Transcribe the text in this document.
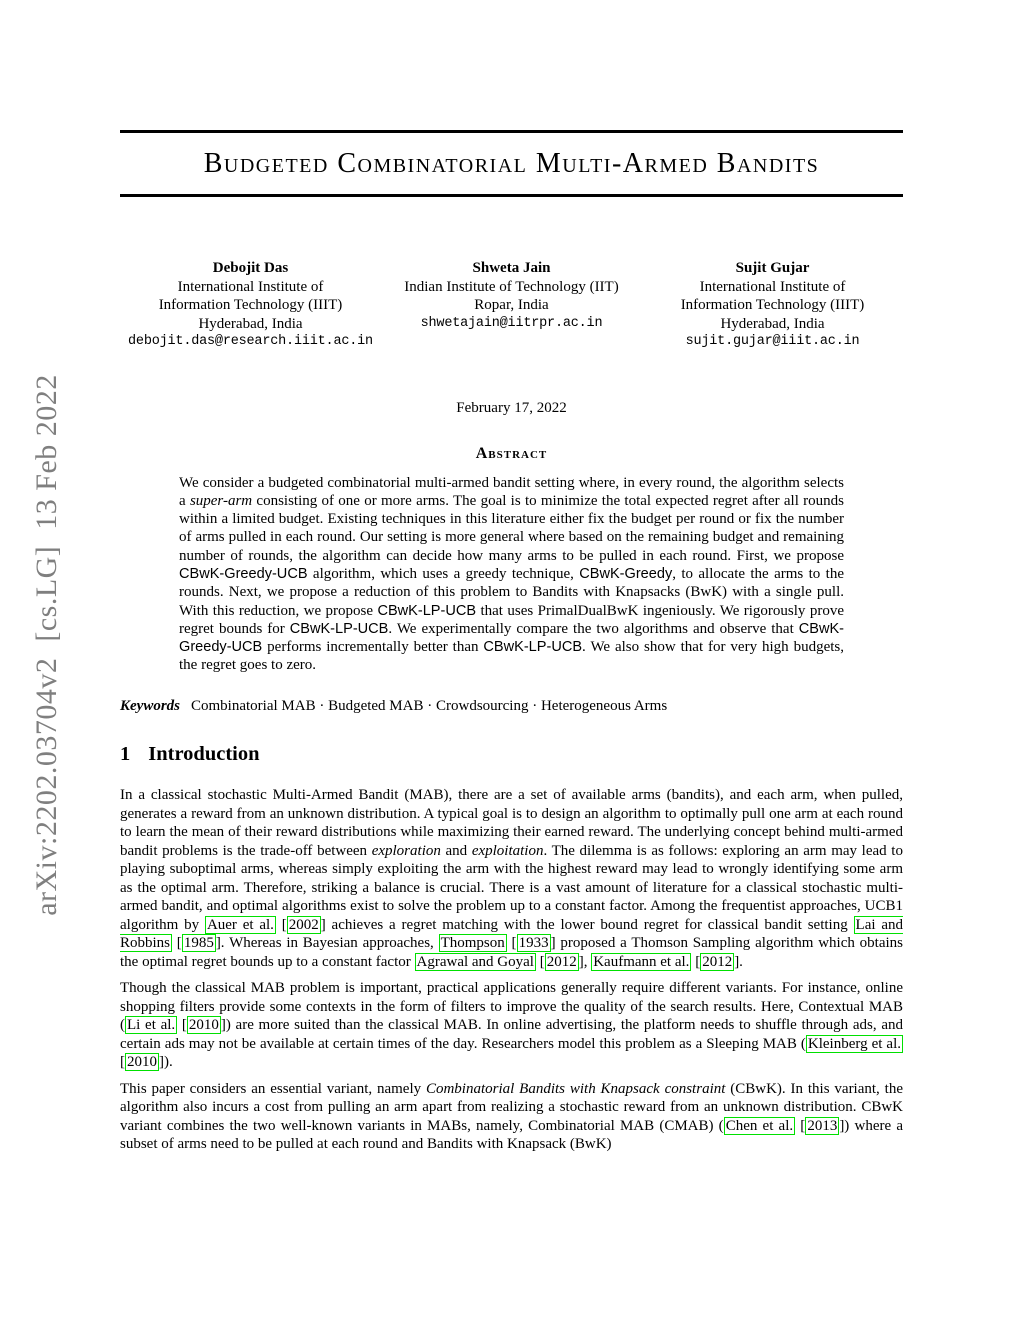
arXiv:2202.03704v2  [cs.LG]  13 Feb 2022
Budgeted Combinatorial Multi-Armed Bandits
Debojit Das
International Institute of
Information Technology (IIIT)
Hyderabad, India
debojit.das@research.iiit.ac.in
Shweta Jain
Indian Institute of Technology (IIT)
Ropar, India
shwetajain@iitrpr.ac.in
Sujit Gujar
International Institute of
Information Technology (IIIT)
Hyderabad, India
sujit.gujar@iiit.ac.in
February 17, 2022
Abstract

We consider a budgeted combinatorial multi-armed bandit setting where, in every round, the algorithm selects a super-arm consisting of one or more arms. The goal is to minimize the total expected regret after all rounds within a limited budget. Existing techniques in this literature either fix the budget per round or fix the number of arms pulled in each round. Our setting is more general where based on the remaining budget and remaining number of rounds, the algorithm can decide how many arms to be pulled in each round. First, we propose CBwK-Greedy-UCB algorithm, which uses a greedy technique, CBwK-Greedy, to allocate the arms to the rounds. Next, we propose a reduction of this problem to Bandits with Knapsacks (BwK) with a single pull. With this reduction, we propose CBwK-LP-UCB that uses PrimalDualBwK ingeniously. We rigorously prove regret bounds for CBwK-LP-UCB. We experimentally compare the two algorithms and observe that CBwK-Greedy-UCB performs incrementally better than CBwK-LP-UCB. We also show that for very high budgets, the regret goes to zero.

Keywords Combinatorial MAB · Budgeted MAB · Crowdsourcing · Heterogeneous Arms

1 Introduction

In a classical stochastic Multi-Armed Bandit (MAB), there are a set of available arms (bandits), and each arm, when pulled, generates a reward from an unknown distribution. A typical goal is to design an algorithm to optimally pull one arm at each round to learn the mean of their reward distributions while maximizing their earned reward. The underlying concept behind multi-armed bandit problems is the trade-off between exploration and exploitation. The dilemma is as follows: exploring an arm may lead to playing suboptimal arms, whereas simply exploiting the arm with the highest reward may lead to wrongly identifying some arm as the optimal arm. Therefore, striking a balance is crucial. There is a vast amount of literature for a classical stochastic multi-armed bandit, and optimal algorithms exist to solve the problem up to a constant factor. Among the frequentist approaches, UCB1 algorithm by Auer et al. [ 2002 ] achieves a regret matching with the lower bound regret for classical bandit setting Lai and Robbins [ 1985 ]. Whereas in Bayesian approaches, Thompson [ 1933 ] proposed a Thomson Sampling algorithm which obtains the optimal regret bounds up to a constant factor Agrawal and Goyal [ 2012 ], Kaufmann et al. [ 2012 ].

Though the classical MAB problem is important, practical applications generally require different variants. For instance, online shopping filters provide some contexts in the form of filters to improve the quality of the search results. Here, Contextual MAB ( Li et al. [ 2010 ]) are more suited than the classical MAB. In online advertising, the platform needs to shuffle through ads, and certain ads may not be available at certain times of the day. Researchers model this problem as a Sleeping MAB ( Kleinberg et al. [ 2010 ]).

This paper considers an essential variant, namely Combinatorial Bandits with Knapsack constraint (CBwK). In this variant, the algorithm also incurs a cost from pulling an arm apart from realizing a stochastic reward from an unknown distribution. CBwK variant combines the two well-known variants in MABs, namely, Combinatorial MAB (CMAB) ( Chen et al. [ 2013 ]) where a subset of arms need to be pulled at each round and Bandits with Knapsack (BwK)
